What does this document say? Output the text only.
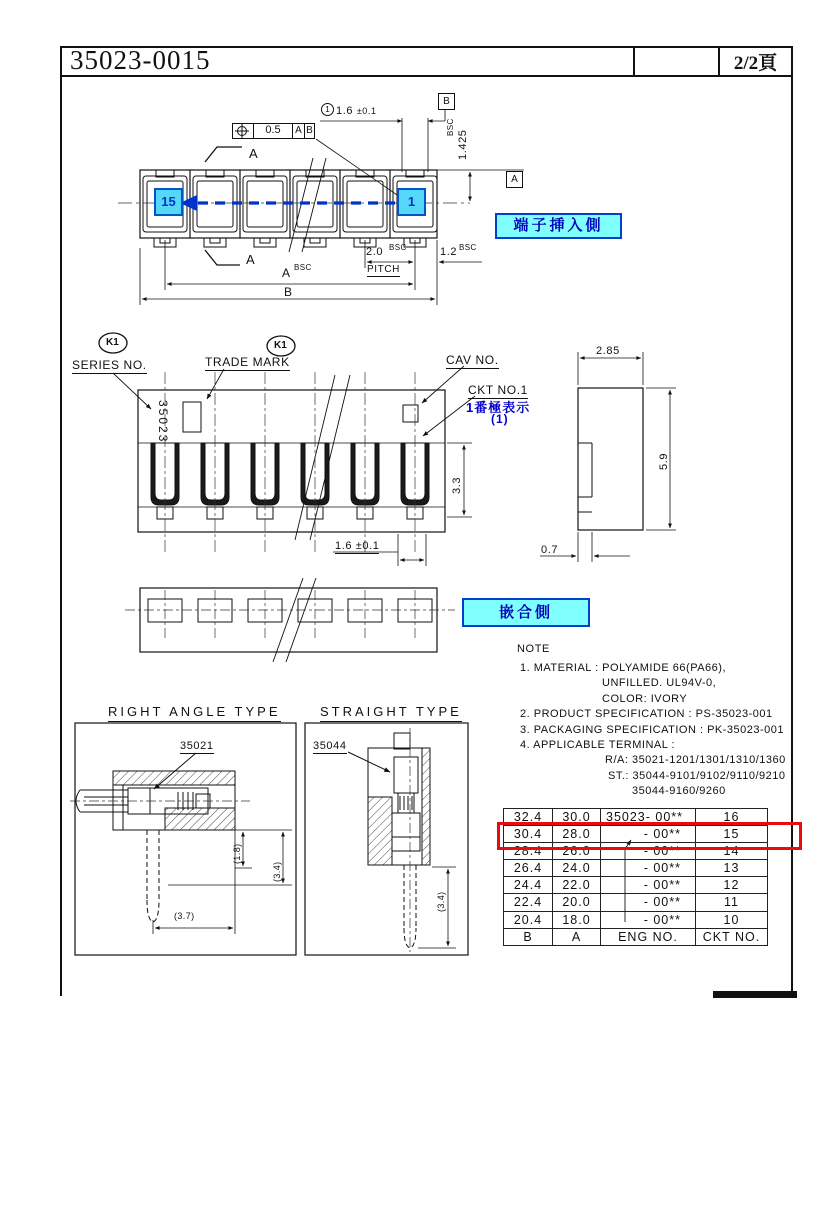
35023-0015	2/2頁
B
A
0.5	A B
1 1.6 ±0.1
A
A
15	1
1.425
BSC
2.0 BSC
PITCH
1.2 BSC
A BSC
B
端子挿入側
K1	K1
SERIES NO.	TRADE MARK	CAV NO.
CKT NO.1
1番極表示
(1)
35023
3.3
1.6 ±0.1
嵌合側
2.85
5.9
0.7
RIGHT ANGLE TYPE	STRAIGHT TYPE
35021	35044
(1.8)
(3.4)
(3.7)
(3.4)
NOTE
1. MATERIAL : POLYAMIDE 66(PA66),
UNFILLED. UL94V-0,
COLOR: IVORY
2. PRODUCT SPECIFICATION : PS-35023-001
3. PACKAGING SPECIFICATION : PK-35023-001
4. APPLICABLE TERMINAL :
R/A: 35021-1201/1301/1310/1360
ST.: 35044-9101/9102/9110/9210
35044-9160/9260
32.4	30.0	35023- 00**	16
30.4	28.0	- 00**	15
28.4	26.0	- 00**	14
26.4	24.0	- 00**	13
24.4	22.0	- 00**	12
22.4	20.0	- 00**	11
20.4	18.0	- 00**	10
B	A	ENG NO.	CKT NO.
